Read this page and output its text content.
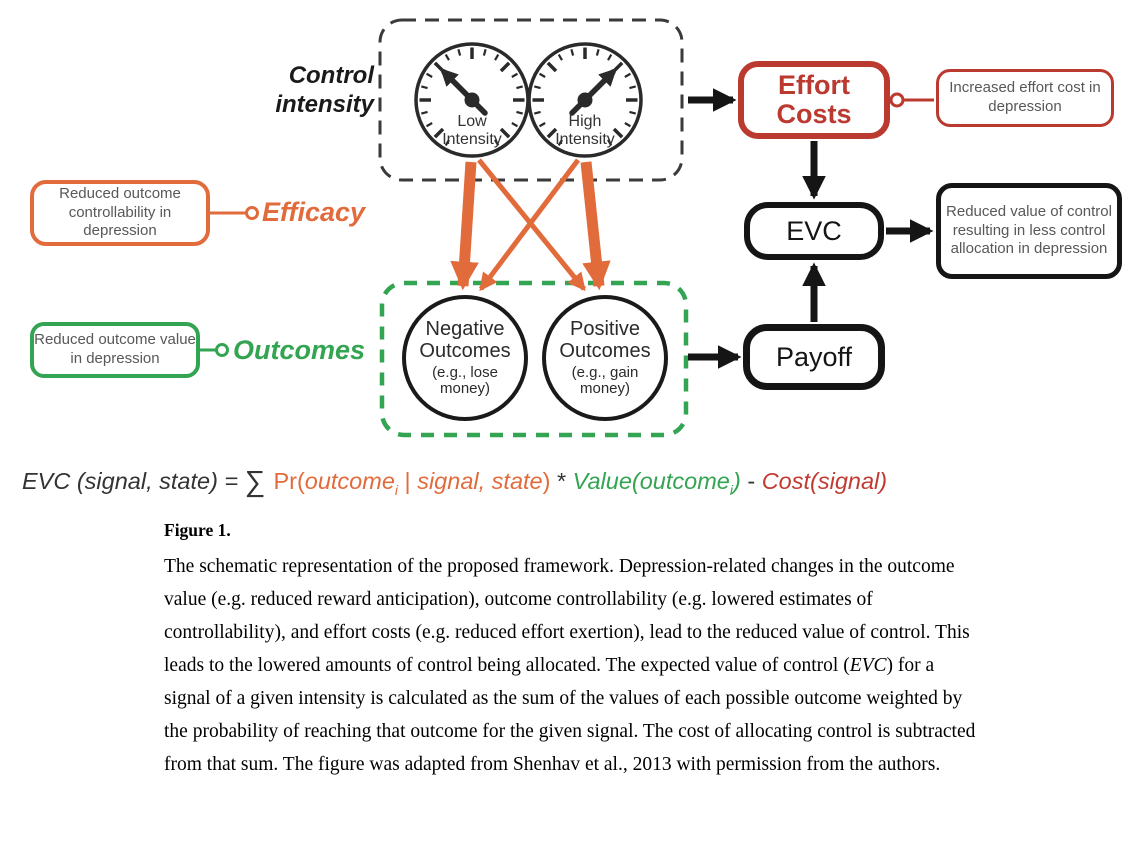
Control
intensity
Low
Intensity
High
Intensity
Effort
Costs
EVC
Payoff
Increased effort cost in depression
Reduced value of control resulting in less control allocation in depression
Reduced outcome controllability in depression
Reduced outcome value in depression
Efficacy
Outcomes
Negative
Outcomes
(e.g., lose money)
Positive
Outcomes
(e.g., gain money)
EVC (signal, state) = ∑ Pr(outcome$_i$ | signal, state) * Value(outcome$_i$) - Cost(signal)
Figure 1.

The schematic representation of the proposed framework. Depression-related changes in the outcome value (e.g. reduced reward anticipation), outcome controllability (e.g. lowered estimates of controllability), and effort costs (e.g. reduced effort exertion), lead to the reduced value of control. This leads to the lowered amounts of control being allocated. The expected value of control (EVC) for a signal of a given intensity is calculated as the sum of the values of each possible outcome weighted by the probability of reaching that outcome for the given signal. The cost of allocating control is subtracted from that sum. The figure was adapted from Shenhav et al., 2013 with permission from the authors.
